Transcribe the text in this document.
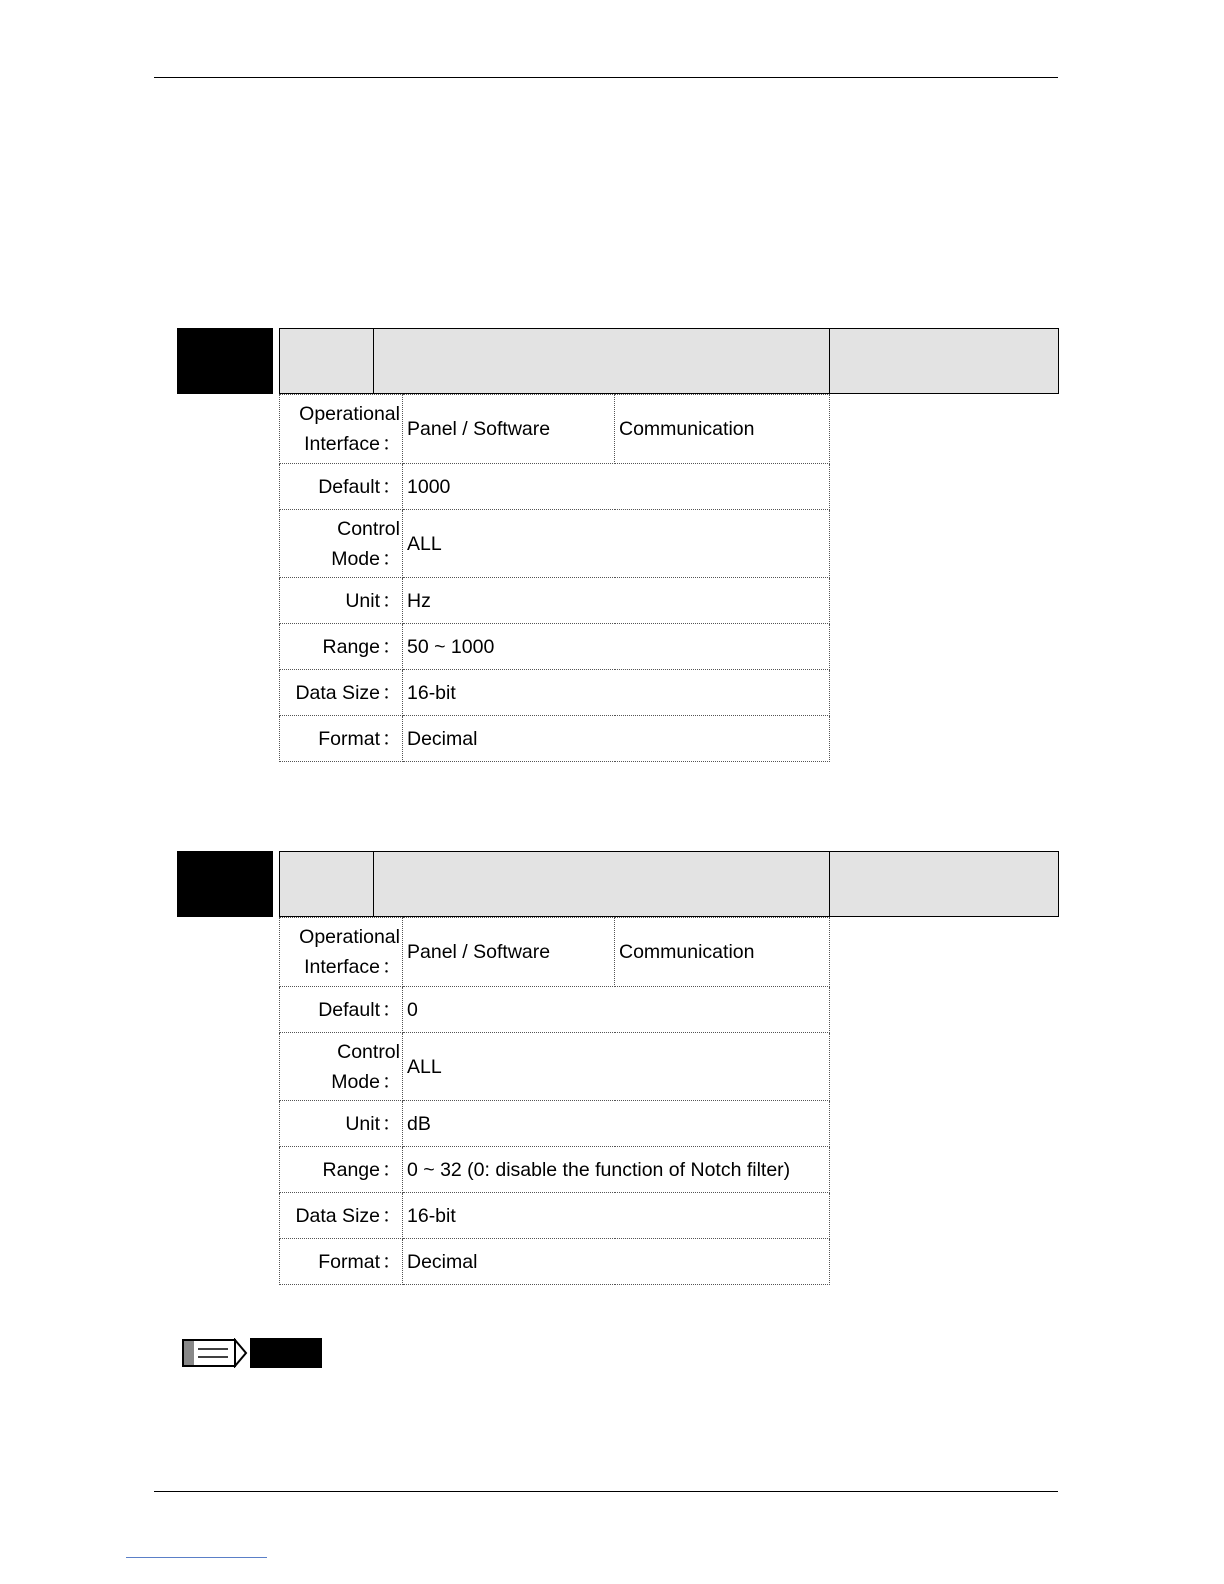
Operational
Interface ：	Panel / Software	Communication
Default ：	1000	
Control
Mode ：	ALL	
Unit ：	Hz	
Range ：	50 ~ 1000	
Data Size ：	16-bit	
Format ：	Decimal	
Operational
Interface ：	Panel / Software	Communication
Default ：	0	
Control
Mode ：	ALL	
Unit ：	dB	
Range ：	0 ~ 32 (0: disable the function of Notch filter)	
Data Size ：	16-bit	
Format ：	Decimal	
